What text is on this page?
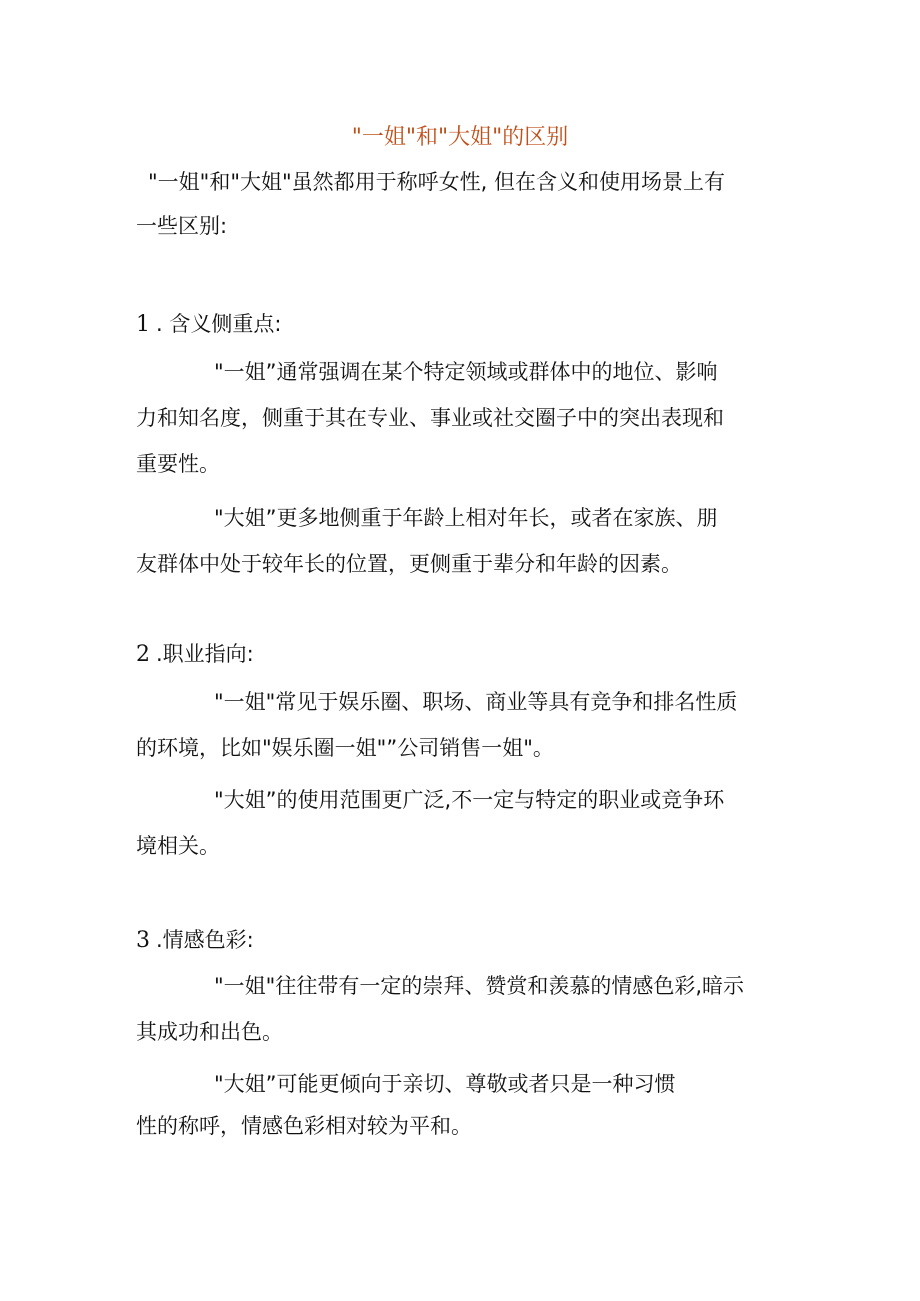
"一姐"和"大姐"的区别
"一姐"和"大姐"虽然都用于称呼女性, 但在含义和使用场景上有
一些区别:
1 . 含义侧重点:
"一姐”通常强调在某个特定领域或群体中的地位、影响
力和知名度，侧重于其在专业、事业或社交圈子中的突出表现和
重要性。
"大姐”更多地侧重于年龄上相对年长，或者在家族、朋
友群体中处于较年长的位置，更侧重于辈分和年龄的因素。
2 .职业指向:
"一姐"常见于娱乐圈、职场、商业等具有竞争和排名性质
的环境，比如"娱乐圈一姐"”公司销售一姐"。
"大姐”的使用范围更广泛,不一定与特定的职业或竞争环
境相关。
3 .情感色彩:
"一姐"往往带有一定的崇拜、赞赏和羡慕的情感色彩,暗示
其成功和出色。
"大姐”可能更倾向于亲切、尊敬或者只是一种习惯
性的称呼，情感色彩相对较为平和。
